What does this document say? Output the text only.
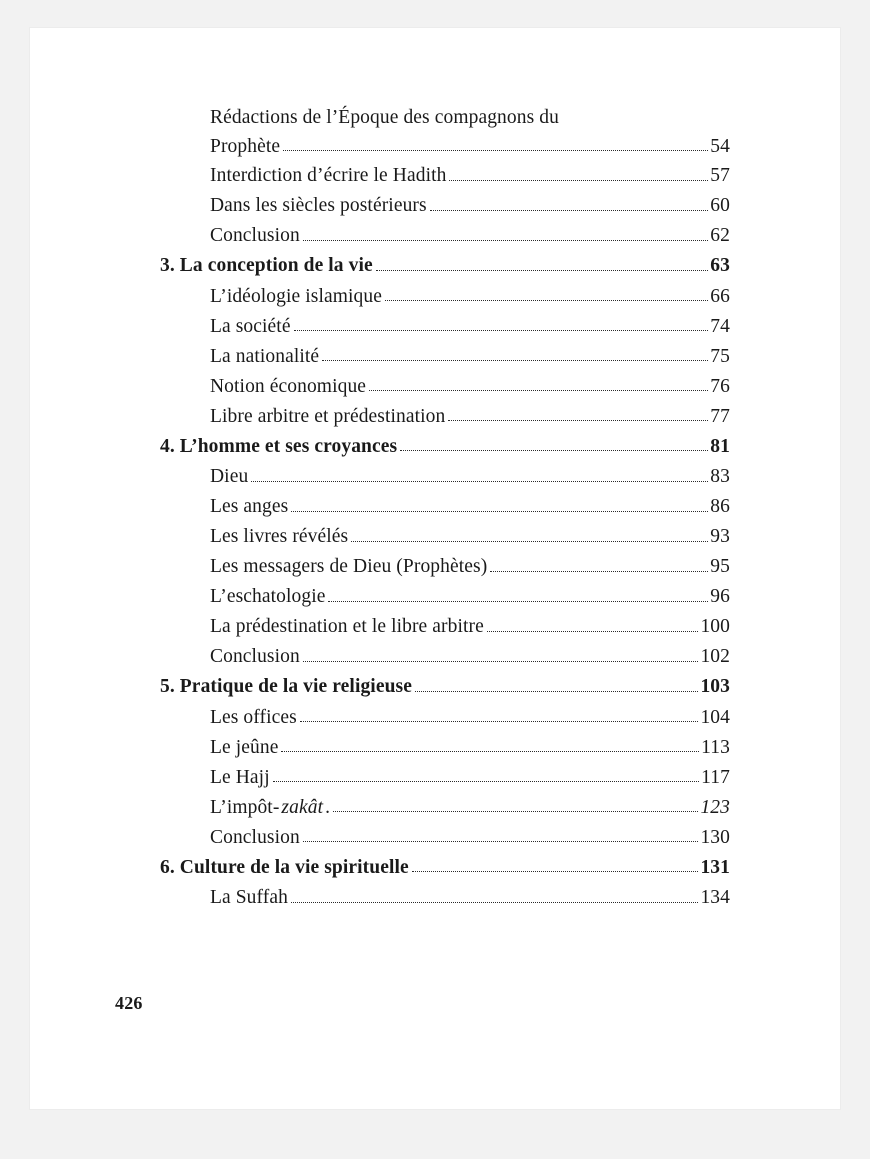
Rédactions de l’Époque des compagnons du
Prophète	54
Interdiction d’écrire le Hadith	57
Dans les siècles postérieurs	60
Conclusion	62
3. La conception de la vie	63
L’idéologie islamique	66
La société	74
La nationalité	75
Notion économique	76
Libre arbitre et prédestination	77
4. L’homme et ses croyances	81
Dieu	83
Les anges	86
Les livres révélés	93
Les messagers de Dieu (Prophètes)	95
L’eschatologie	96
La prédestination et le libre arbitre	100
Conclusion	102
5. Pratique de la vie religieuse	103
Les offices	104
Le jeûne	113
Le Hajj	117
L’impôt- zakât .	123
Conclusion	130
6. Culture de la vie spirituelle	131
La Suffah	134
426
